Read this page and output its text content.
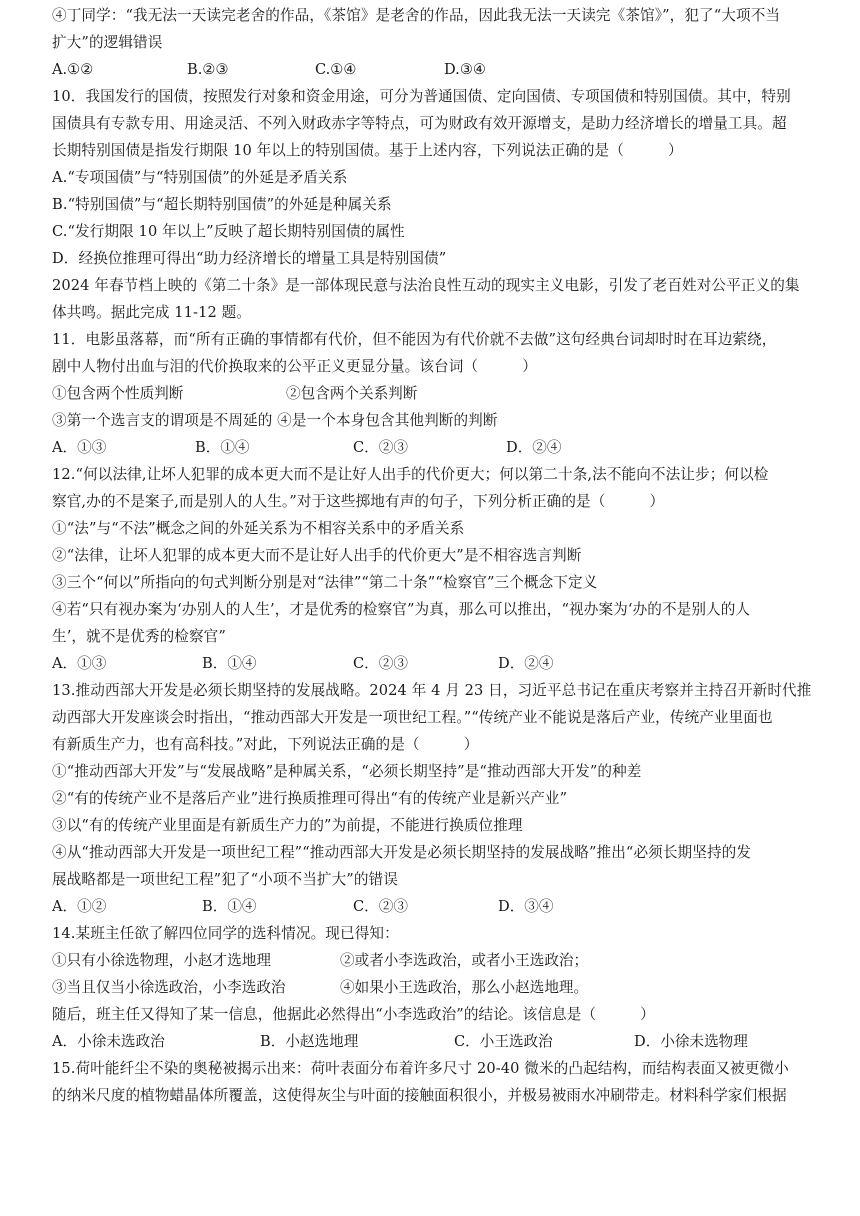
④丁同学：“我无法一天读完老舍的作品，《茶馆》是老舍的作品，因此我无法一天读完《茶馆》”，犯了“大项不当
扩大”的逻辑错误
A.①②	B.②③	C.①④	D.③④
10．我国发行的国债，按照发行对象和资金用途，可分为普通国债、定向国债、专项国债和特别国债。其中，特别
国债具有专款专用、用途灵活、不列入财政赤字等特点，可为财政有效开源增支，是助力经济增长的增量工具。超
长期特别国债是指发行期限 10 年以上的特别国债。基于上述内容，下列说法正确的是（　　　）
A.“专项国债”与“特别国债”的外延是矛盾关系
B.“特别国债”与“超长期特别国债”的外延是种属关系
C.“发行期限 10 年以上”反映了超长期特别国债的属性
D．经换位推理可得出“助力经济增长的增量工具是特别国债”
2024 年春节档上映的《第二十条》是一部体现民意与法治良性互动的现实主义电影，引发了老百姓对公平正义的集
体共鸣。据此完成 11-12 题。
11．电影虽落幕，而“所有正确的事情都有代价，但不能因为有代价就不去做”这句经典台词却时时在耳边萦绕，
剧中人物付出血与泪的代价换取来的公平正义更显分量。该台词（　　　）
①包含两个性质判断	②包含两个关系判断
③第一个选言支的谓项是不周延的 ④是一个本身包含其他判断的判断
A．①③	B．①④	C．②③	D．②④
12.“何以法律,让坏人犯罪的成本更大而不是让好人出手的代价更大；何以第二十条,法不能向不法让步；何以检
察官,办的不是案子,而是别人的人生。”对于这些掷地有声的句子，下列分析正确的是（　　　）
①“法”与“不法”概念之间的外延关系为不相容关系中的矛盾关系
②“法律，让坏人犯罪的成本更大而不是让好人出手的代价更大”是不相容选言判断
③三个“何以”所指向的句式判断分别是对“法律”“第二十条”“检察官”三个概念下定义
④若“只有视办案为‘办别人的人生’，才是优秀的检察官”为真，那么可以推出，“视办案为‘办的不是别人的人
生’，就不是优秀的检察官”
A．①③	B．①④	C．②③	D．②④
13.推动西部大开发是必须长期坚持的发展战略。2024 年 4 月 23 日，习近平总书记在重庆考察并主持召开新时代推
动西部大开发座谈会时指出，“推动西部大开发是一项世纪工程。”“传统产业不能说是落后产业，传统产业里面也
有新质生产力，也有高科技。”对此，下列说法正确的是（　　　）
①“推动西部大开发”与“发展战略”是种属关系，“必须长期坚持”是“推动西部大开发”的种差
②“有的传统产业不是落后产业”进行换质推理可得出“有的传统产业是新兴产业”
③以“有的传统产业里面是有新质生产力的”为前提，不能进行换质位推理
④从“推动西部大开发是一项世纪工程”“推动西部大开发是必须长期坚持的发展战略”推出“必须长期坚持的发
展战略都是一项世纪工程”犯了“小项不当扩大”的错误
A．①②	B．①④	C．②③	D．③④
14.某班主任欲了解四位同学的选科情况。现已得知：
①只有小徐选物理，小赵才选地理	②或者小李选政治，或者小王选政治；
③当且仅当小徐选政治，小李选政治	④如果小王选政治，那么小赵选地理。
随后，班主任又得知了某一信息，他据此必然得出“小李选政治”的结论。该信息是（　　　）
A．小徐未选政治	B．小赵选地理	C．小王选政治	D．小徐未选物理
15.荷叶能纤尘不染的奥秘被揭示出来：荷叶表面分布着许多尺寸 20-40 微米的凸起结构，而结构表面又被更微小
的纳米尺度的植物蜡晶体所覆盖，这使得灰尘与叶面的接触面积很小，并极易被雨水冲刷带走。材料科学家们根据
